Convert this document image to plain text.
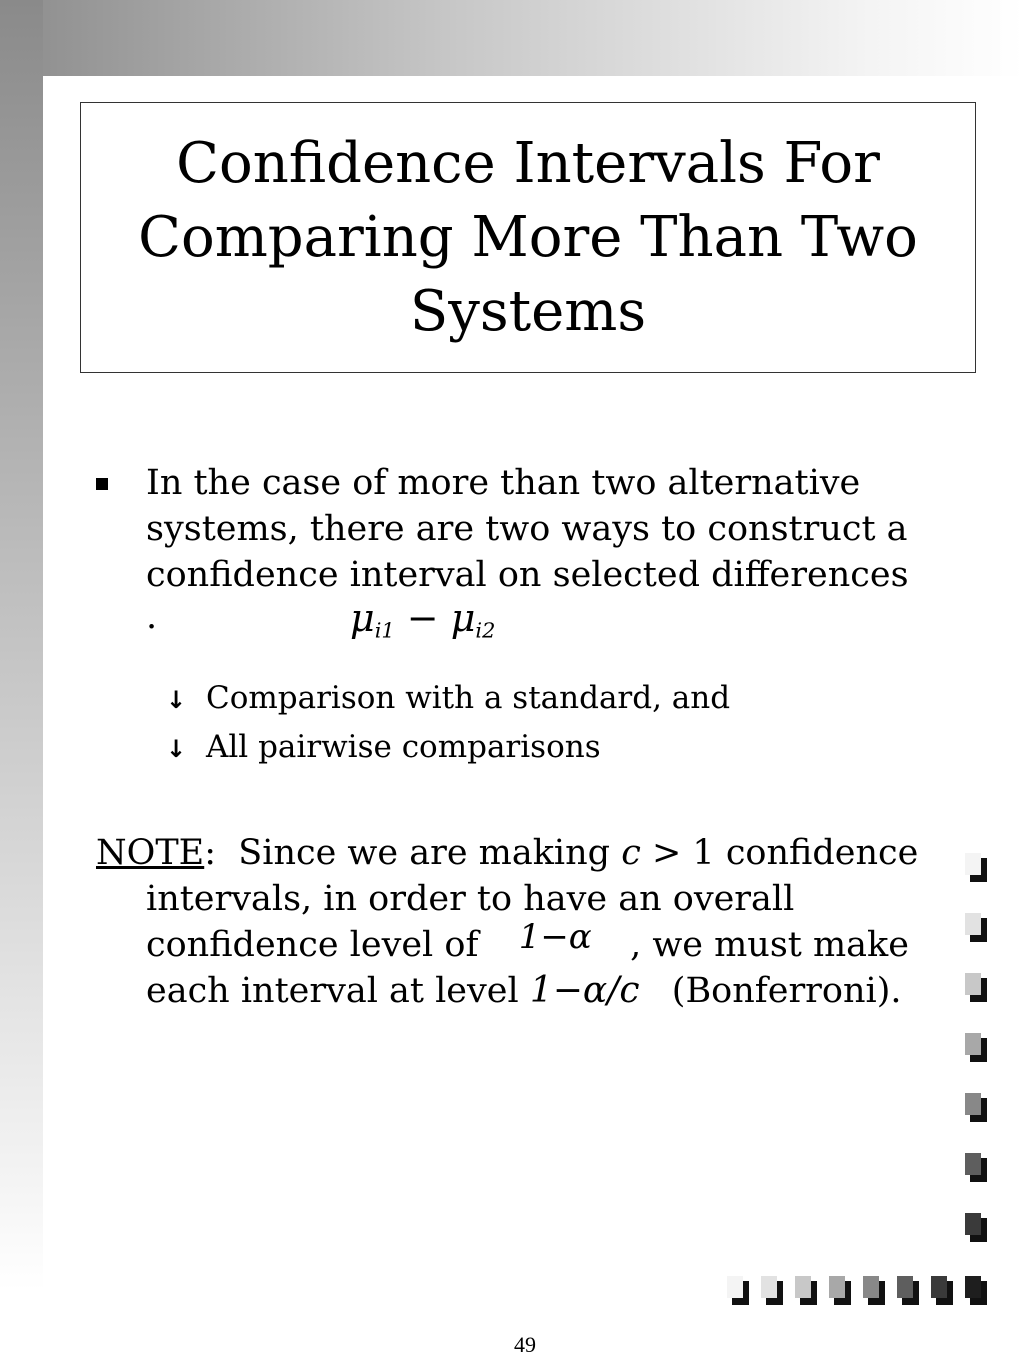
Confidence Intervals For Comparing More Than Two Systems
In the case of more than two alternative systems, there are two ways to construct a confidence interval on selected differences
.	$\mu_{i1} - \mu_{i2}$
↓ Comparison with a standard, and
↓ All pairwise comparisons
NOTE: Since we are making c > 1 confidence
intervals, in order to have an overall
confidence level of 1−α , we must make
each interval at level 1−α/c (Bonferroni).
49
